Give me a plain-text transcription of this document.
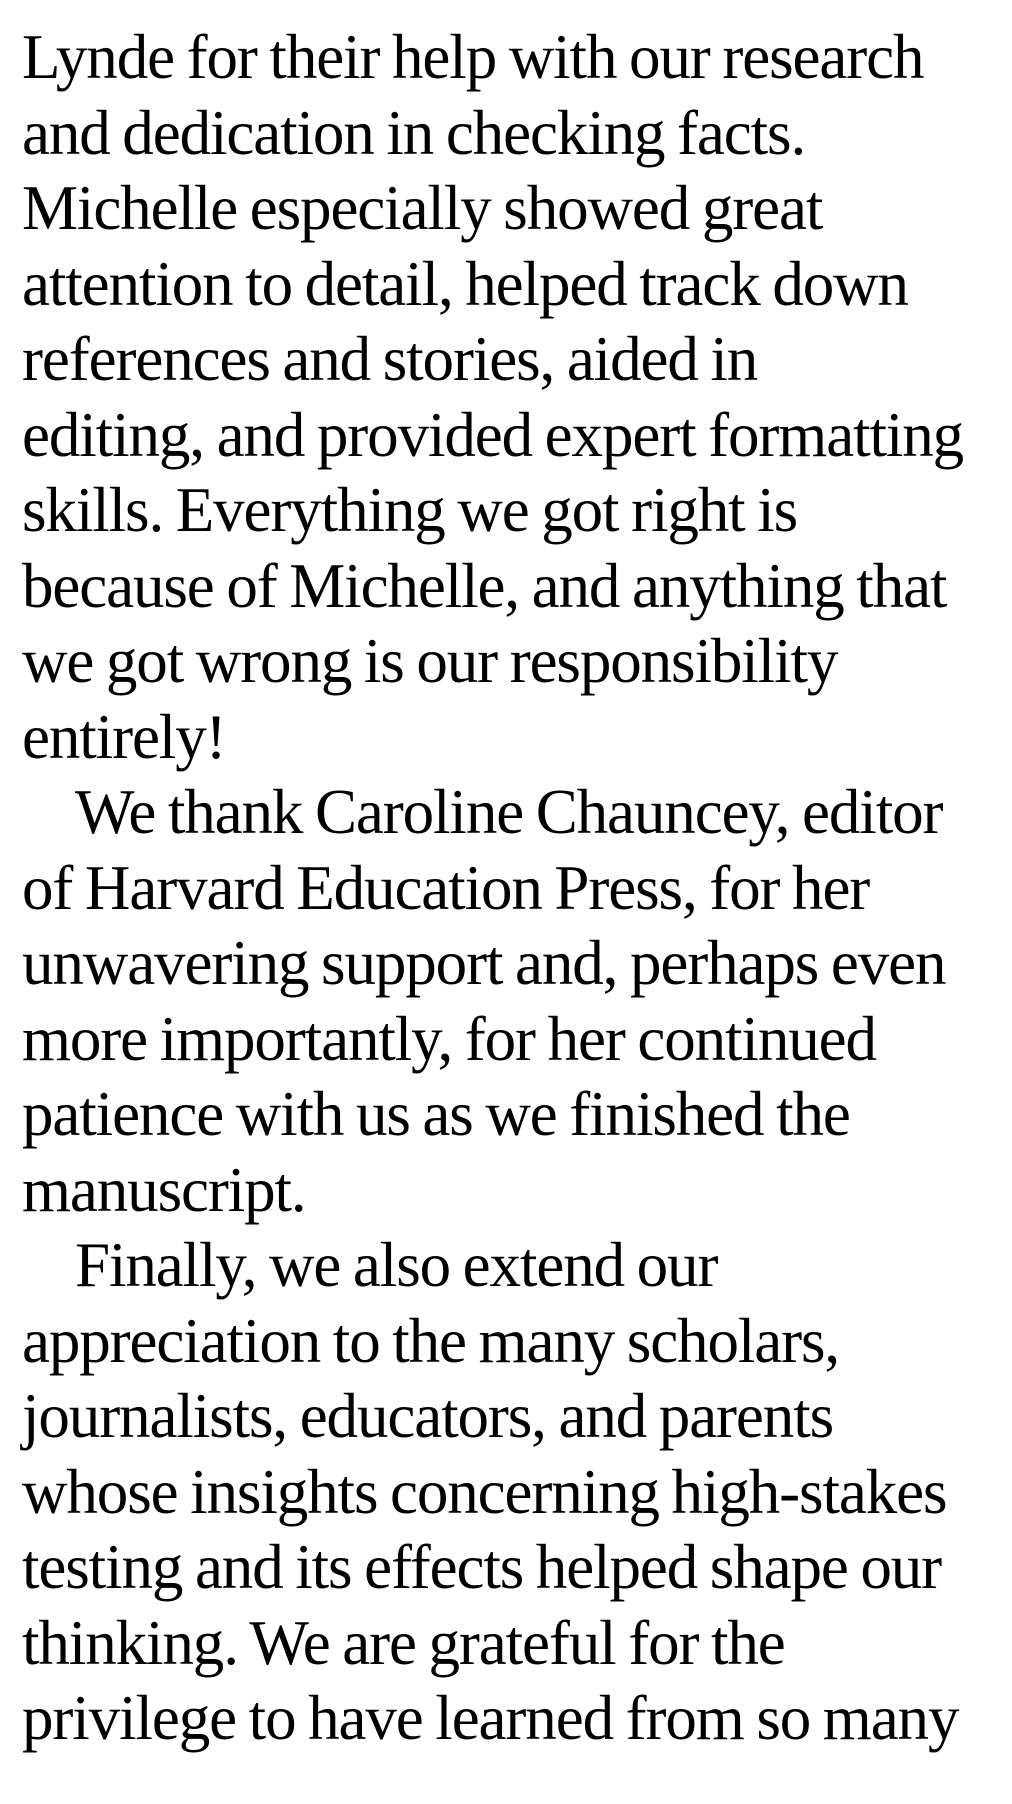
Lynde for their help with our research
and dedication in checking facts.
Michelle especially showed great
attention to detail, helped track down
references and stories, aided in
editing, and provided expert formatting
skills. Everything we got right is
because of Michelle, and anything that
we got wrong is our responsibility
entirely!
We thank Caroline Chauncey, editor
of Harvard Education Press, for her
unwavering support and, perhaps even
more importantly, for her continued
patience with us as we finished the
manuscript.
Finally, we also extend our
appreciation to the many scholars,
journalists, educators, and parents
whose insights concerning high-stakes
testing and its effects helped shape our
thinking. We are grateful for the
privilege to have learned from so many
